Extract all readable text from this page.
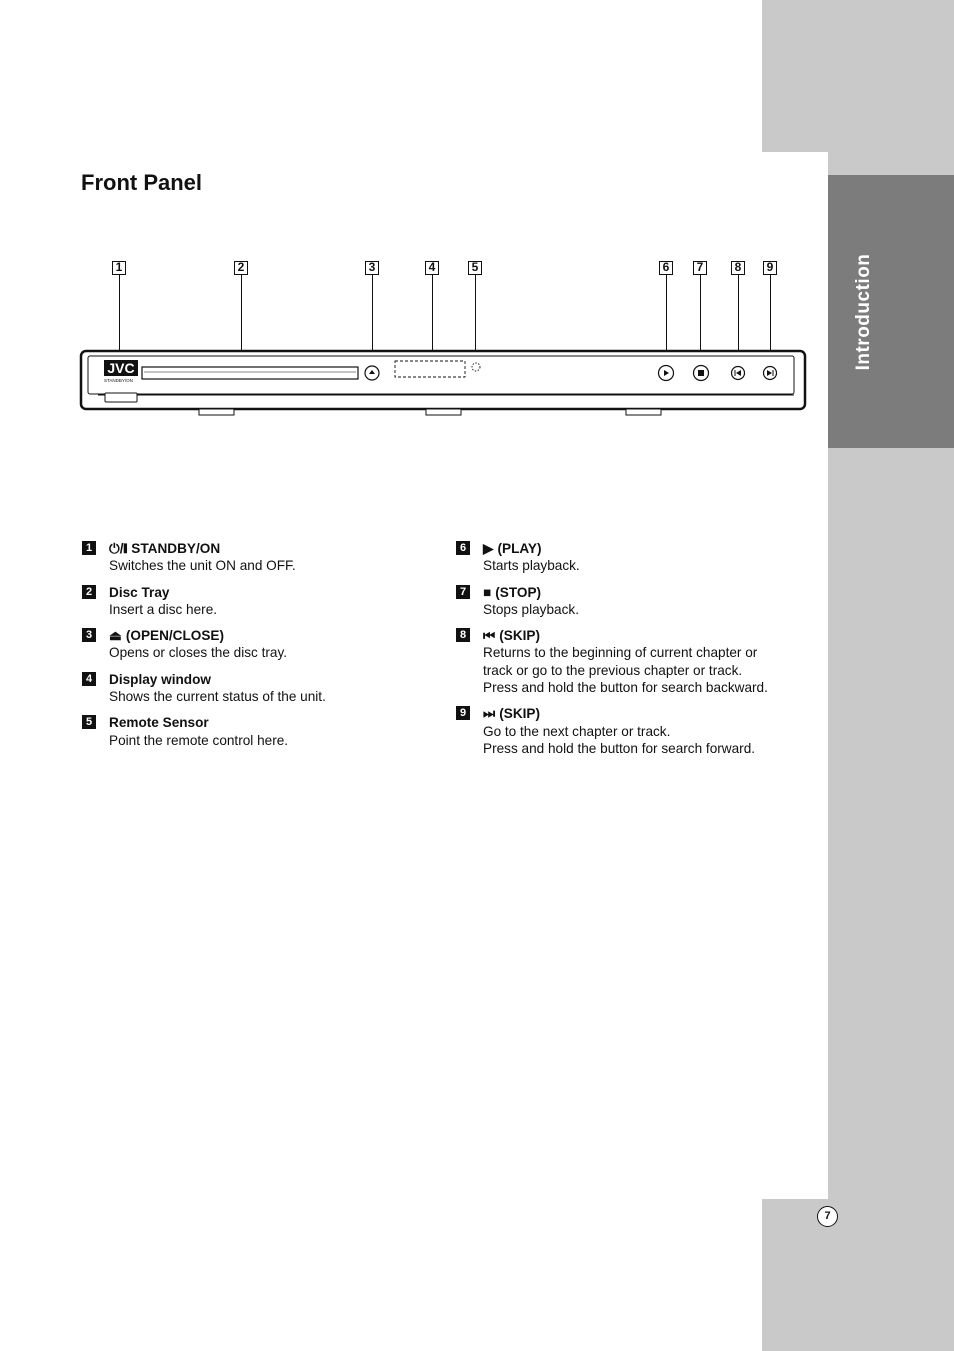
Introduction
7
Front Panel
1	2	3	4	5	6	7	8	9
JVC
STANDBY/ON
1 ⏻/❙ STANDBY/ON
Switches the unit ON and OFF.
2 Disc Tray
Insert a disc here.
3 ⏏ (OPEN/CLOSE)
Opens or closes the disc tray.
4 Display window
Shows the current status of the unit.
5 Remote Sensor
Point the remote control here.
6 ▶ (PLAY)
Starts playback.
7 ■ (STOP)
Stops playback.
8 ⏮ (SKIP)
Returns to the beginning of current chapter or
track or go to the previous chapter or track.
Press and hold the button for search backward.
9 ⏭ (SKIP)
Go to the next chapter or track.
Press and hold the button for search forward.
